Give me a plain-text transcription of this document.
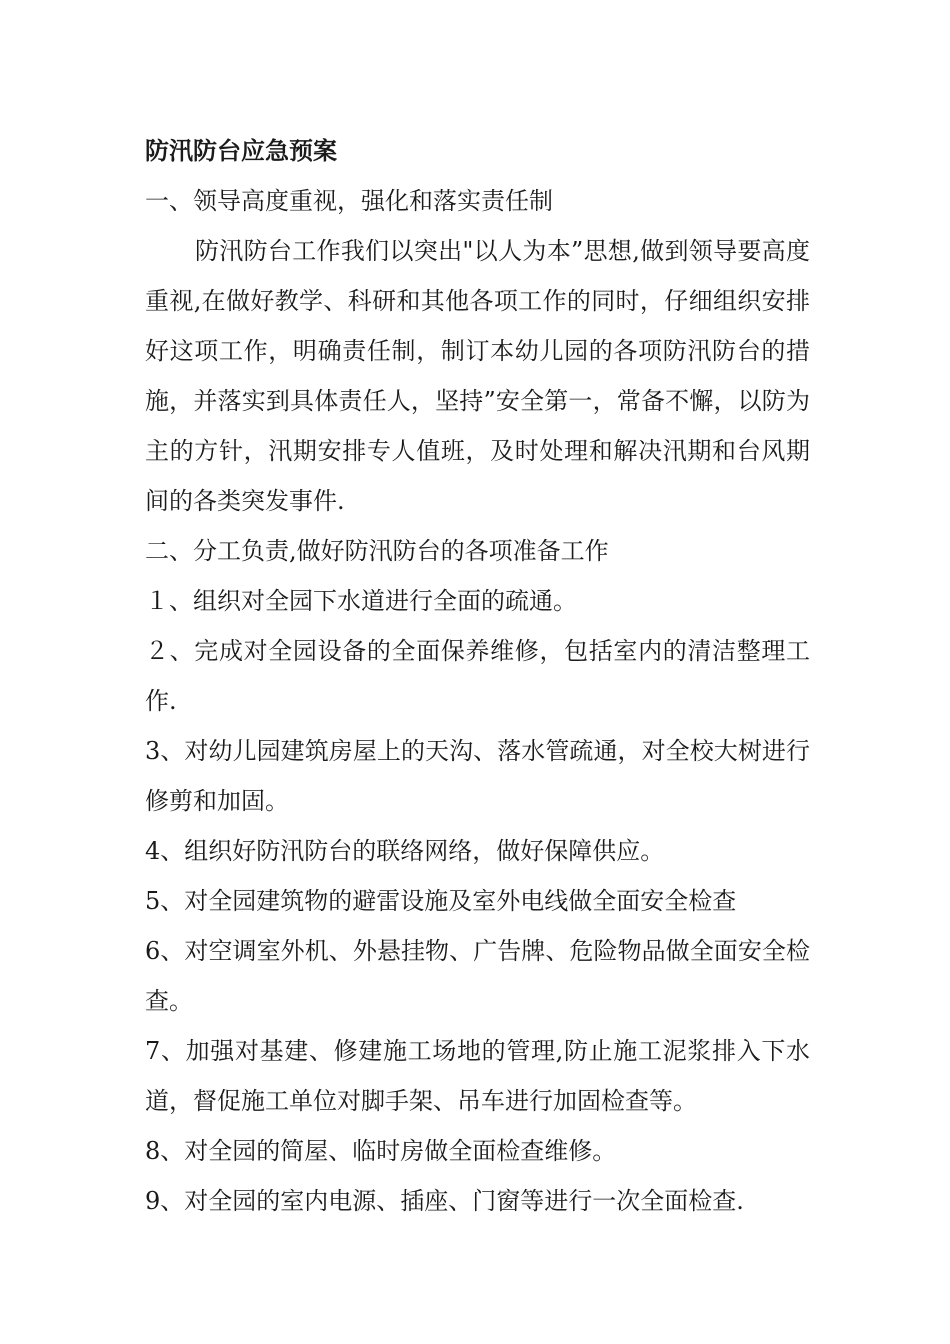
防汛防台应急预案

一、领导高度重视，强化和落实责任制

防汛防台工作我们以突出"以人为本”思想,做到领导要高度重视,在做好教学、科研和其他各项工作的同时，仔细组织安排好这项工作，明确责任制，制订本幼儿园的各项防汛防台的措施，并落实到具体责任人，坚持”安全第一，常备不懈，以防为主的方针，汛期安排专人值班，及时处理和解决汛期和台风期间的各类突发事件.

二、分工负责,做好防汛防台的各项准备工作

１、组织对全园下水道进行全面的疏通。

２、完成对全园设备的全面保养维修，包括室内的清洁整理工作.

3、对幼儿园建筑房屋上的天沟、落水管疏通，对全校大树进行修剪和加固。

4、组织好防汛防台的联络网络，做好保障供应。

5、对全园建筑物的避雷设施及室外电线做全面安全检查

6、对空调室外机、外悬挂物、广告牌、危险物品做全面安全检查。

7、加强对基建、修建施工场地的管理,防止施工泥浆排入下水道，督促施工单位对脚手架、吊车进行加固检查等。

8、对全园的简屋、临时房做全面检查维修。

9、对全园的室内电源、插座、门窗等进行一次全面检查.
